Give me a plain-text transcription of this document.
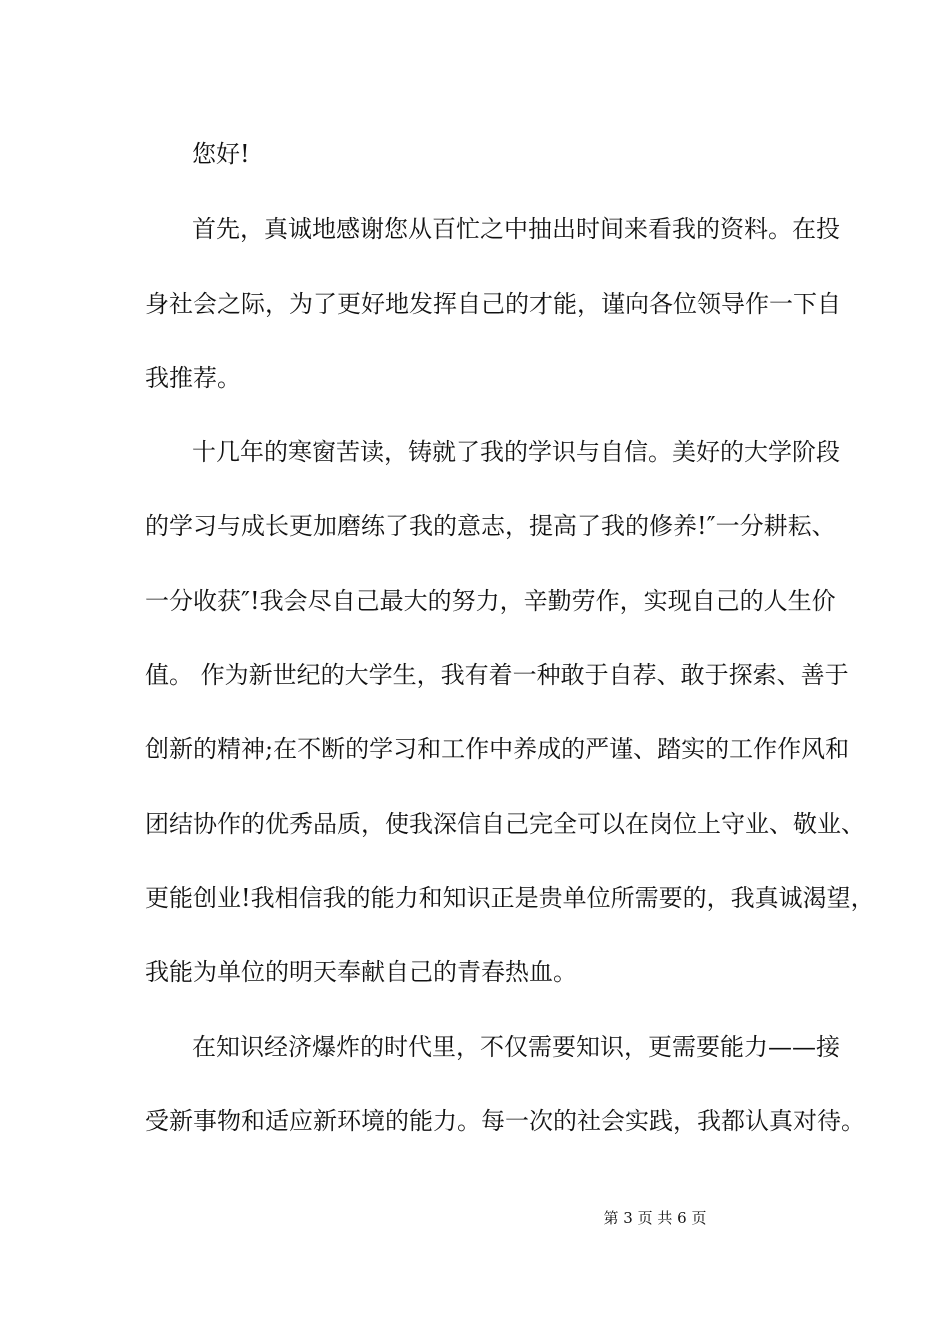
您好!
首先，真诚地感谢您从百忙之中抽出时间来看我的资料。在投
身社会之际，为了更好地发挥自己的才能，谨向各位领导作一下自
我推荐。
十几年的寒窗苦读，铸就了我的学识与自信。美好的大学阶段
的学习与成长更加磨练了我的意志，提高了我的修养!″一分耕耘、
一分收获″!我会尽自己最大的努力，辛勤劳作，实现自己的人生价
值。 作为新世纪的大学生，我有着一种敢于自荐、敢于探索、善于
创新的精神;在不断的学习和工作中养成的严谨、踏实的工作作风和
团结协作的优秀品质，使我深信自己完全可以在岗位上守业、敬业、
更能创业!我相信我的能力和知识正是贵单位所需要的，我真诚渴望，
我能为单位的明天奉献自己的青春热血。
在知识经济爆炸的时代里，不仅需要知识，更需要能力——接
受新事物和适应新环境的能力。每一次的社会实践，我都认真对待。
第 3 页 共 6 页
